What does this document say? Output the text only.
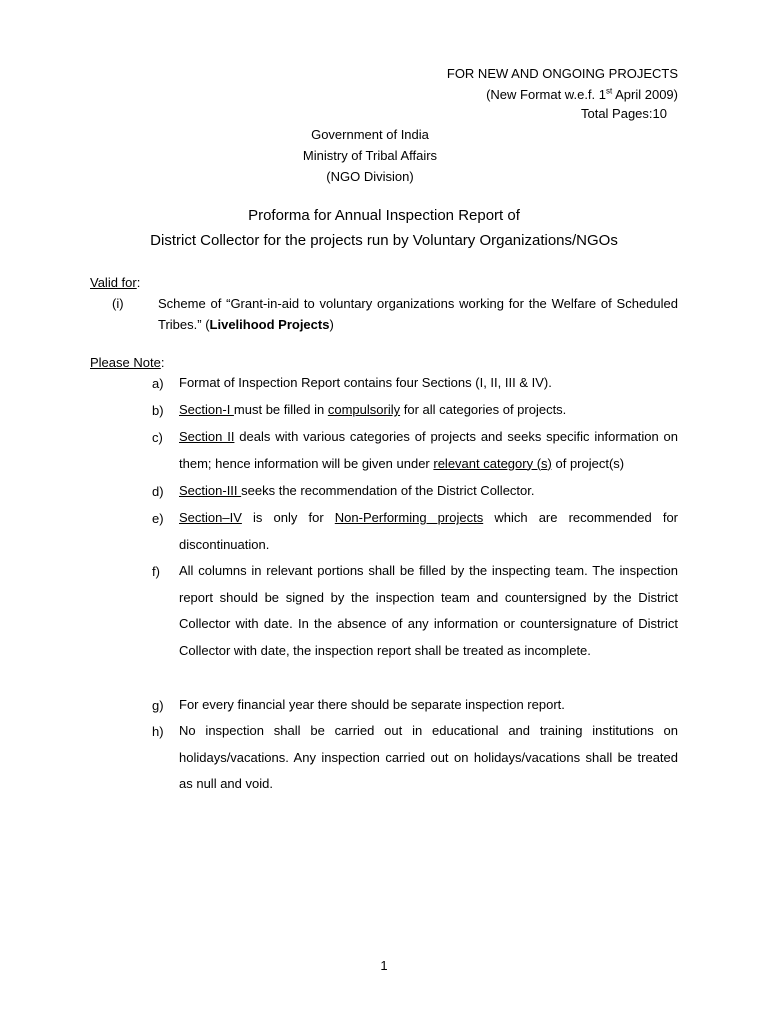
FOR NEW AND ONGOING PROJECTS
(New Format w.e.f. 1st April 2009)
Total Pages:10
Government of India
Ministry of Tribal Affairs
(NGO Division)
Proforma for Annual Inspection Report of
District Collector for the projects run by Voluntary Organizations/NGOs
Valid for:
(i)	Scheme of “Grant-in-aid to voluntary organizations working for the Welfare of Scheduled Tribes.” (Livelihood Projects)
Please Note:
a) Format of Inspection Report contains four Sections (I, II, III & IV).
b) Section-I must be filled in compulsorily for all categories of projects.
c) Section II deals with various categories of projects and seeks specific information on them; hence information will be given under relevant category (s) of project(s)
d) Section-III seeks the recommendation of the District Collector.
e) Section–IV is only for Non-Performing projects which are recommended for discontinuation.
f) All columns in relevant portions shall be filled by the inspecting team. The inspection report should be signed by the inspection team and countersigned by the District Collector with date. In the absence of any information or countersignature of District Collector with date, the inspection report shall be treated as incomplete.
g) For every financial year there should be separate inspection report.
h) No inspection shall be carried out in educational and training institutions on holidays/vacations. Any inspection carried out on holidays/vacations shall be treated as null and void.
1
